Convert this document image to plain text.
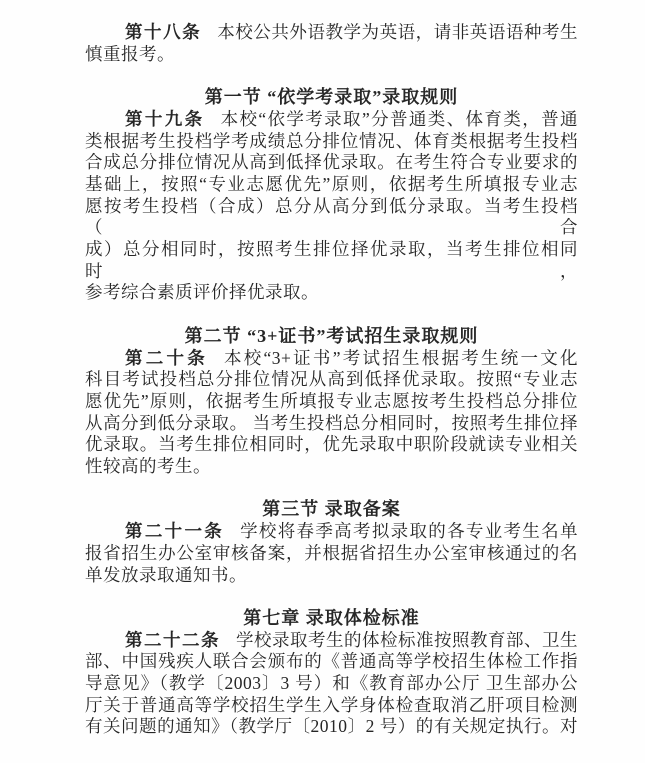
第十八条 本校公共外语教学为英语，请非英语语种考生
慎重报考。

第一节 “依学考录取”录取规则

第十九条 本校“依学考录取”分普通类、体育类，普通
类根据考生投档学考成绩总分排位情况、体育类根据考生投档
合成总分排位情况从高到低择优录取。在考生符合专业要求的
基础上，按照“专业志愿优先”原则，依据考生所填报专业志
愿按考生投档（合成）总分从高分到低分录取。当考生投档（合
成）总分相同时，按照考生排位择优录取，当考生排位相同时，
参考综合素质评价择优录取。

第二节 “3+证书”考试招生录取规则

第二十条 本校“3+证书”考试招生根据考生统一文化
科目考试投档总分排位情况从高到低择优录取。按照“专业志
愿优先”原则，依据考生所填报专业志愿按考生投档总分排位
从高分到低分录取。 当考生投档总分相同时，按照考生排位择
优录取。当考生排位相同时，优先录取中职阶段就读专业相关
性较高的考生。

第三节 录取备案

第二十一条 学校将春季高考拟录取的各专业考生名单
报省招生办公室审核备案，并根据省招生办公室审核通过的名
单发放录取通知书。

第七章 录取体检标准

第二十二条 学校录取考生的体检标准按照教育部、卫生
部、中国残疾人联合会颁布的《普通高等学校招生体检工作指
导意见》（教学〔2003〕3 号）和《教育部办公厅 卫生部办公
厅关于普通高等学校招生学生入学身体检查取消乙肝项目检测
有关问题的通知》（教学厅〔2010〕2 号）的有关规定执行。对
